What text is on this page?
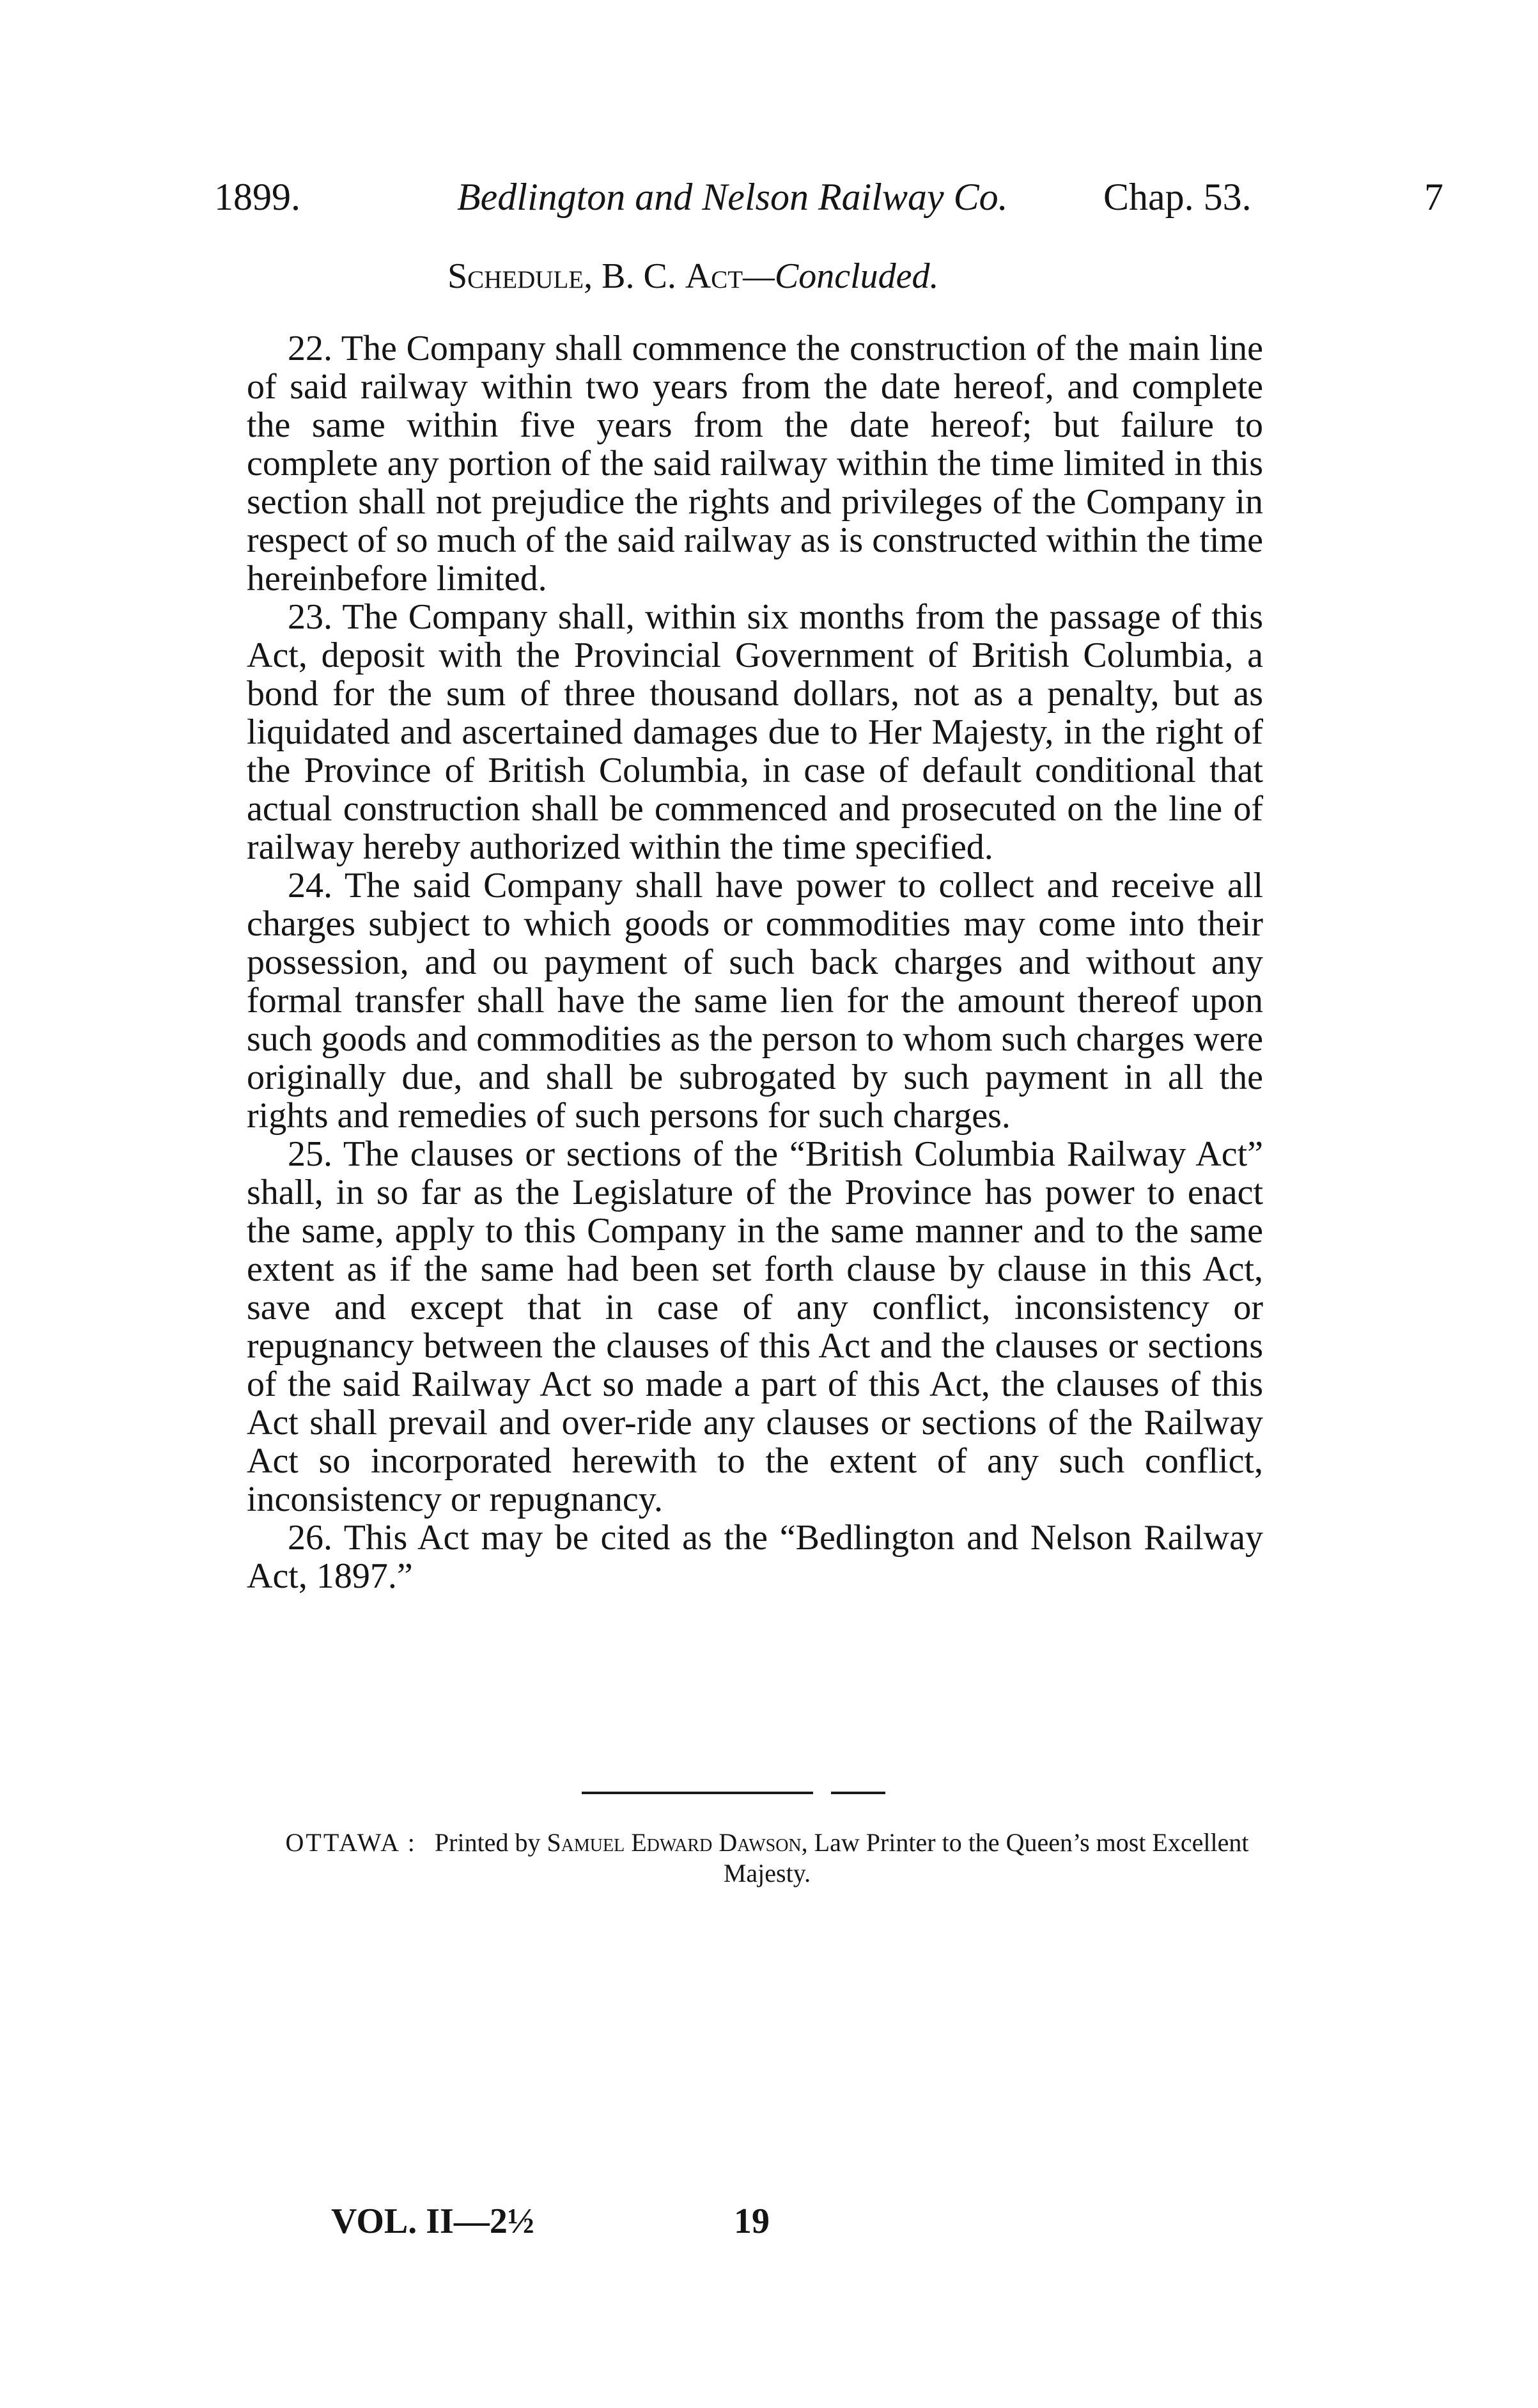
1899.	Bedlington and Nelson Railway Co. Chap. 53.	7
Schedule, B. C. Act—Concluded.

22. The Company shall commence the construction of the main line of said railway within two years from the date hereof, and complete the same within five years from the date hereof; but failure to complete any portion of the said railway within the time limited in this section shall not prejudice the rights and privileges of the Company in respect of so much of the said railway as is constructed within the time hereinbefore limited.

23. The Company shall, within six months from the passage of this Act, deposit with the Provincial Government of British Columbia, a bond for the sum of three thousand dollars, not as a penalty, but as liquidated and ascertained damages due to Her Majesty, in the right of the Province of British Columbia, in case of default conditional that actual construction shall be commenced and prosecuted on the line of railway hereby authorized within the time specified.

24. The said Company shall have power to collect and receive all charges subject to which goods or commodities may come into their possession, and ou payment of such back charges and without any formal transfer shall have the same lien for the amount thereof upon such goods and commodities as the person to whom such charges were originally due, and shall be subrogated by such payment in all the rights and remedies of such persons for such charges.

25. The clauses or sections of the “British Columbia Railway Act” shall, in so far as the Legislature of the Province has power to enact the same, apply to this Company in the same manner and to the same extent as if the same had been set forth clause by clause in this Act, save and except that in case of any conflict, inconsistency or repugnancy between the clauses of this Act and the clauses or sections of the said Railway Act so made a part of this Act, the clauses of this Act shall prevail and over-ride any clauses or sections of the Railway Act so incorporated herewith to the extent of any such conflict, inconsistency or repugnancy.

26. This Act may be cited as the “Bedlington and Nelson Railway Act, 1897.”

OTTAWA : Printed by Samuel Edward Dawson, Law Printer to the Queen’s most Excellent Majesty.
VOL. II—2½	19
